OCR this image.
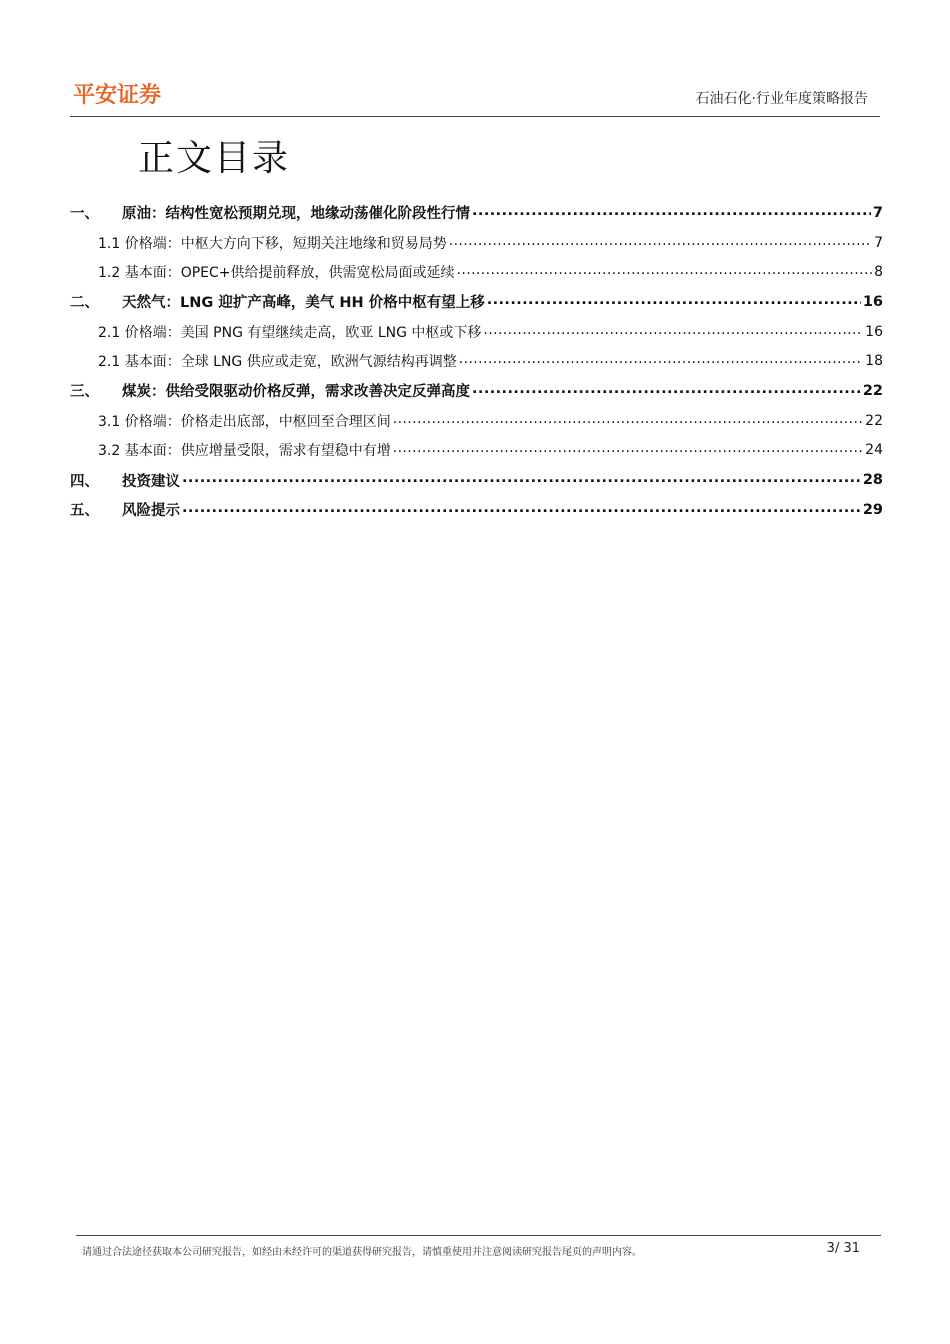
平安证券	石油石化·行业年度策略报告
正文目录
一、	原油：结构性宽松预期兑现，地缘动荡催化阶段性行情 .....	7
1.1 价格端：中枢大方向下移，短期关注地缘和贸易局势 .....	7
1.2 基本面：OPEC+供给提前释放，供需宽松局面或延续 .....	8
二、	天然气：LNG 迎扩产高峰，美气 HH 价格中枢有望上移 .....	16
2.1 价格端：美国 PNG 有望继续走高，欧亚 LNG 中枢或下移 .....	16
2.1 基本面：全球 LNG 供应或走宽，欧洲气源结构再调整 .....	18
三、	煤炭：供给受限驱动价格反弹，需求改善决定反弹高度 .....	22
3.1 价格端：价格走出底部，中枢回至合理区间 .....	22
3.2 基本面：供应增量受限，需求有望稳中有增 .....	24
四、	投资建议 .....	28
五、	风险提示 .....	29
请通过合法途径获取本公司研究报告，如经由未经许可的渠道获得研究报告，请慎重使用并注意阅读研究报告尾页的声明内容。	3/ 31
